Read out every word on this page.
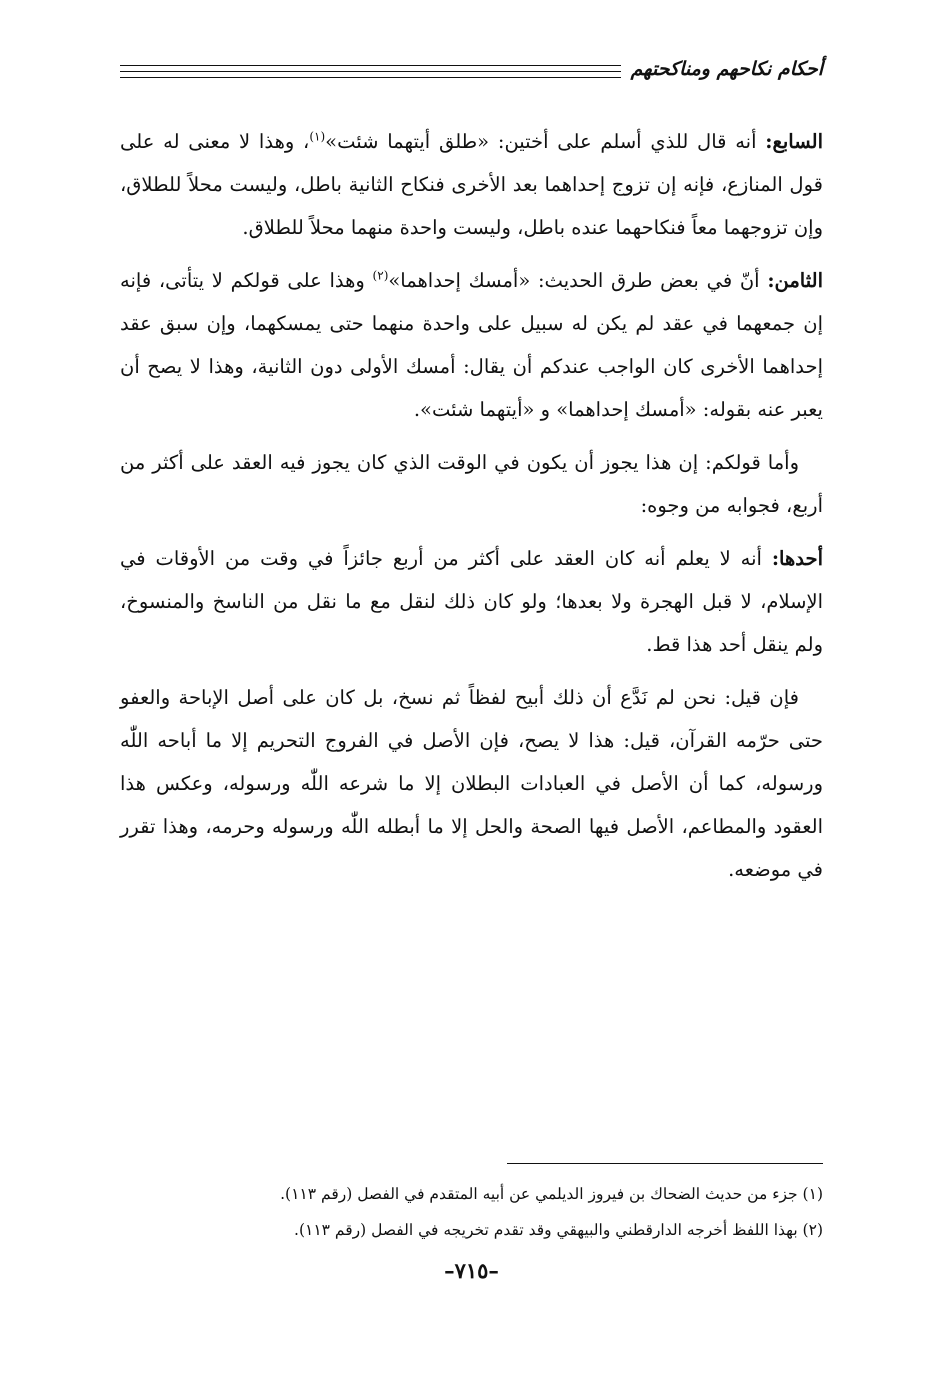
أحكام نكاحهم ومناكحتهم

السابع: أنه قال للذي أسلم على أختين: «طلق أيتهما شئت»$^{(١)}$، وهذا لا معنى له على قول المنازع، فإنه إن تزوج إحداهما بعد الأخرى فنكاح الثانية باطل، وليست محلاً للطلاق، وإن تزوجهما معاً فنكاحهما عنده باطل، وليست واحدة منهما محلاً للطلاق.

الثامن: أنّ في بعض طرق الحديث: «أمسك إحداهما»$^{(٢)}$ وهذا على قولكم لا يتأتى، فإنه إن جمعهما في عقد لم يكن له سبيل على واحدة منهما حتى يمسكهما، وإن سبق عقد إحداهما الأخرى كان الواجب عندكم أن يقال: أمسك الأولى دون الثانية، وهذا لا يصح أن يعبر عنه بقوله: «أمسك إحداهما» و «أيتهما شئت».

وأما قولكم: إن هذا يجوز أن يكون في الوقت الذي كان يجوز فيه العقد على أكثر من أربع، فجوابه من وجوه:

أحدها: أنه لا يعلم أنه كان العقد على أكثر من أربع جائزاً في وقت من الأوقات في الإسلام، لا قبل الهجرة ولا بعدها؛ ولو كان ذلك لنقل مع ما نقل من الناسخ والمنسوخ، ولم ينقل أحد هذا قط.

فإن قيل: نحن لم نَدَّع أن ذلك أبيح لفظاً ثم نسخ، بل كان على أصل الإباحة والعفو حتى حرّمه القرآن، قيل: هذا لا يصح، فإن الأصل في الفروج التحريم إلا ما أباحه اللّٰه ورسوله، كما أن الأصل في العبادات البطلان إلا ما شرعه اللّٰه ورسوله، وعكس هذا العقود والمطاعم، الأصل فيها الصحة والحل إلا ما أبطله اللّٰه ورسوله وحرمه، وهذا تقرر في موضعه.

(١) جزء من حديث الضحاك بن فيروز الديلمي عن أبيه المتقدم في الفصل (رقم ١١٣).
(٢) بهذا اللفظ أخرجه الدارقطني والبيهقي وقد تقدم تخريجه في الفصل (رقم ١١٣).
–٧١٥–
